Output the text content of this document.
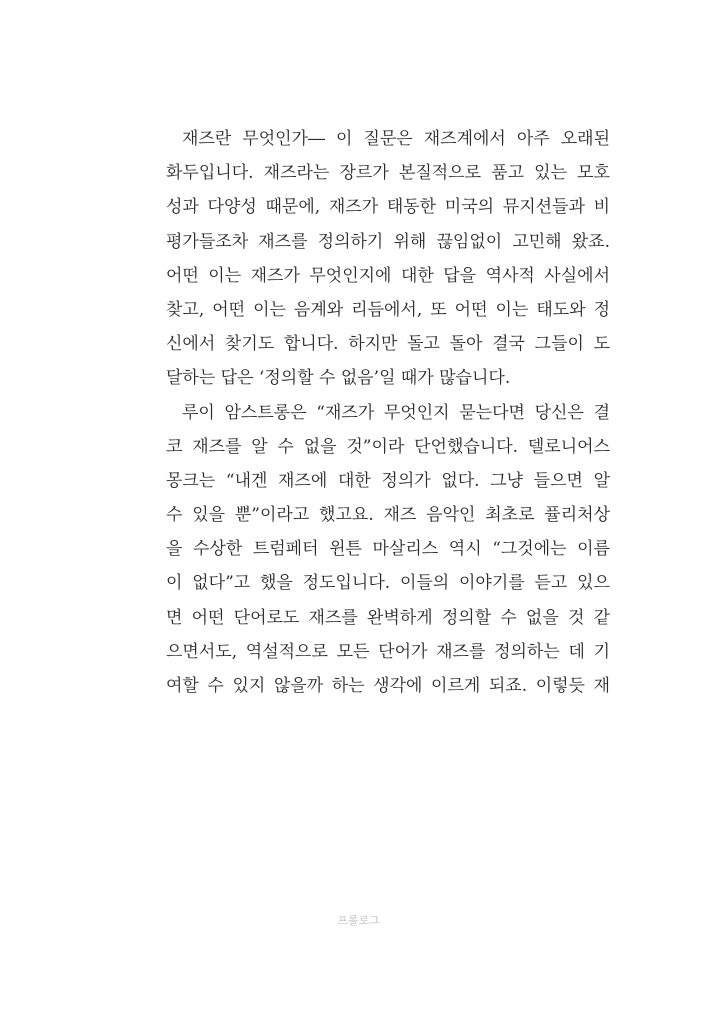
재즈란 무엇인가― 이 질문은 재즈계에서 아주 오래된
화두입니다. 재즈라는 장르가 본질적으로 품고 있는 모호
성과 다양성 때문에, 재즈가 태동한 미국의 뮤지션들과 비
평가들조차 재즈를 정의하기 위해 끊임없이 고민해 왔죠.
어떤 이는 재즈가 무엇인지에 대한 답을 역사적 사실에서
찾고, 어떤 이는 음계와 리듬에서, 또 어떤 이는 태도와 정
신에서 찾기도 합니다. 하지만 돌고 돌아 결국 그들이 도
달하는 답은 ‘정의할 수 없음’일 때가 많습니다.
루이 암스트롱은 “재즈가 무엇인지 묻는다면 당신은 결
코 재즈를 알 수 없을 것”이라 단언했습니다. 델로니어스
몽크는 “내겐 재즈에 대한 정의가 없다. 그냥 들으면 알
수 있을 뿐”이라고 했고요. 재즈 음악인 최초로 퓰리처상
을 수상한 트럼페터 윈튼 마살리스 역시 “그것에는 이름
이 없다”고 했을 정도입니다. 이들의 이야기를 듣고 있으
면 어떤 단어로도 재즈를 완벽하게 정의할 수 없을 것 같
으면서도, 역설적으로 모든 단어가 재즈를 정의하는 데 기
여할 수 있지 않을까 하는 생각에 이르게 되죠. 이렇듯 재
프롤로그
